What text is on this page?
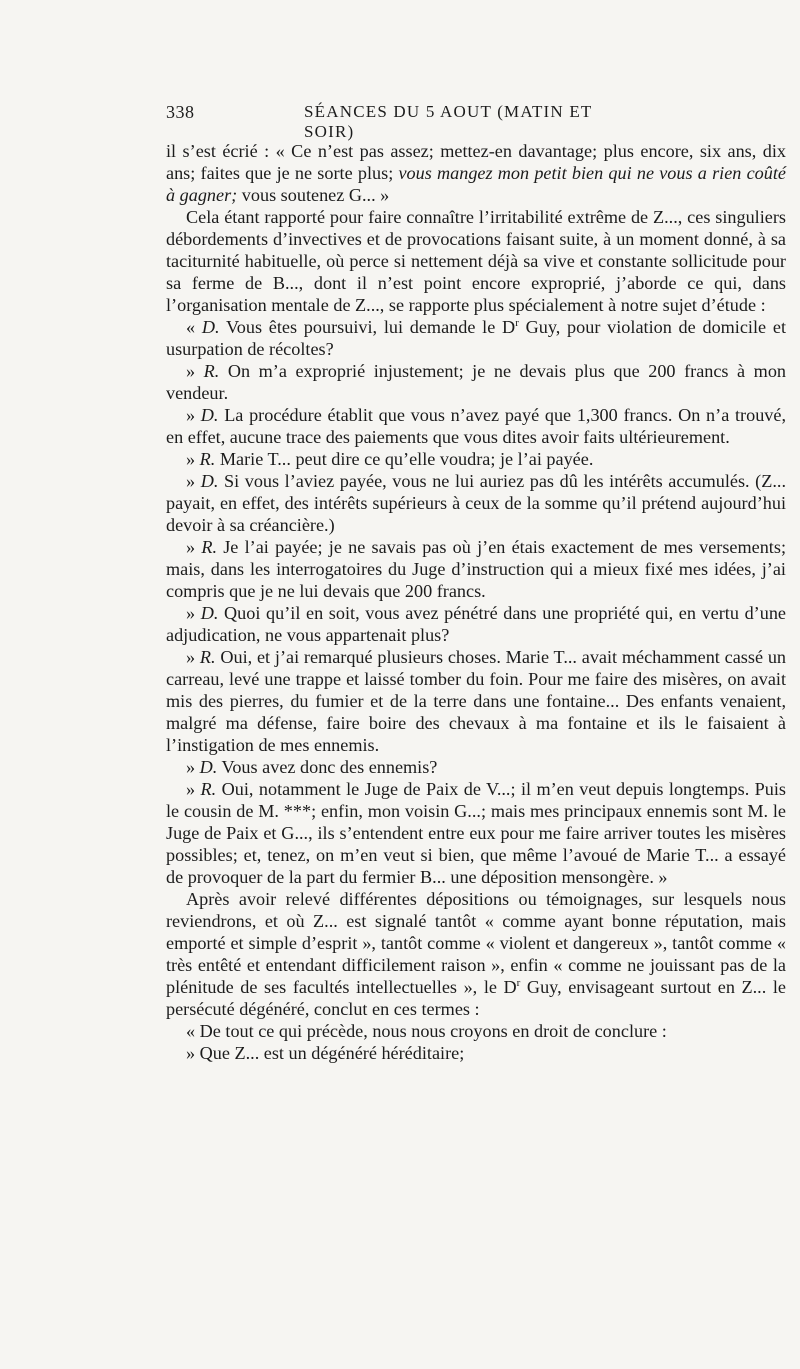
338	SÉANCES DU 5 AOUT (MATIN ET SOIR)

il s’est écrié : « Ce n’est pas assez; mettez-en davantage; plus encore, six ans, dix ans; faites que je ne sorte plus; vous mangez mon petit bien qui ne vous a rien coûté à gagner; vous soutenez G... »

Cela étant rapporté pour faire connaître l’irritabilité extrême de Z..., ces singuliers débordements d’invectives et de provocations faisant suite, à un moment donné, à sa taciturnité habituelle, où perce si nettement déjà sa vive et constante sollicitude pour sa ferme de B..., dont il n’est point encore exproprié, j’aborde ce qui, dans l’organisation mentale de Z..., se rapporte plus spécialement à notre sujet d’étude :

« D. Vous êtes poursuivi, lui demande le $D^r$ Guy, pour violation de domicile et usurpation de récoltes?

» R. On m’a exproprié injustement; je ne devais plus que 200 francs à mon vendeur.

» D. La procédure établit que vous n’avez payé que 1,300 francs. On n’a trouvé, en effet, aucune trace des paiements que vous dites avoir faits ultérieurement.

» R. Marie T... peut dire ce qu’elle voudra; je l’ai payée.

» D. Si vous l’aviez payée, vous ne lui auriez pas dû les intérêts accumulés. (Z... payait, en effet, des intérêts supérieurs à ceux de la somme qu’il prétend aujourd’hui devoir à sa créancière.)

» R. Je l’ai payée; je ne savais pas où j’en étais exactement de mes versements; mais, dans les interrogatoires du Juge d’instruction qui a mieux fixé mes idées, j’ai compris que je ne lui devais que 200 francs.

» D. Quoi qu’il en soit, vous avez pénétré dans une propriété qui, en vertu d’une adjudication, ne vous appartenait plus?

» R. Oui, et j’ai remarqué plusieurs choses. Marie T... avait méchamment cassé un carreau, levé une trappe et laissé tomber du foin. Pour me faire des misères, on avait mis des pierres, du fumier et de la terre dans une fontaine... Des enfants venaient, malgré ma défense, faire boire des chevaux à ma fontaine et ils le faisaient à l’instigation de mes ennemis.

» D. Vous avez donc des ennemis?

» R. Oui, notamment le Juge de Paix de V...; il m’en veut depuis longtemps. Puis le cousin de M. ***; enfin, mon voisin G...; mais mes principaux ennemis sont M. le Juge de Paix et G..., ils s’entendent entre eux pour me faire arriver toutes les misères possibles; et, tenez, on m’en veut si bien, que même l’avoué de Marie T... a essayé de provoquer de la part du fermier B... une déposition mensongère. »

Après avoir relevé différentes dépositions ou témoignages, sur lesquels nous reviendrons, et où Z... est signalé tantôt « comme ayant bonne réputation, mais emporté et simple d’esprit », tantôt comme « violent et dangereux », tantôt comme « très entêté et entendant difficilement raison », enfin « comme ne jouissant pas de la plénitude de ses facultés intellectuelles », le $D^r$ Guy, envisageant surtout en Z... le persécuté dégénéré, conclut en ces termes :

« De tout ce qui précède, nous nous croyons en droit de conclure :

» Que Z... est un dégénéré héréditaire;
